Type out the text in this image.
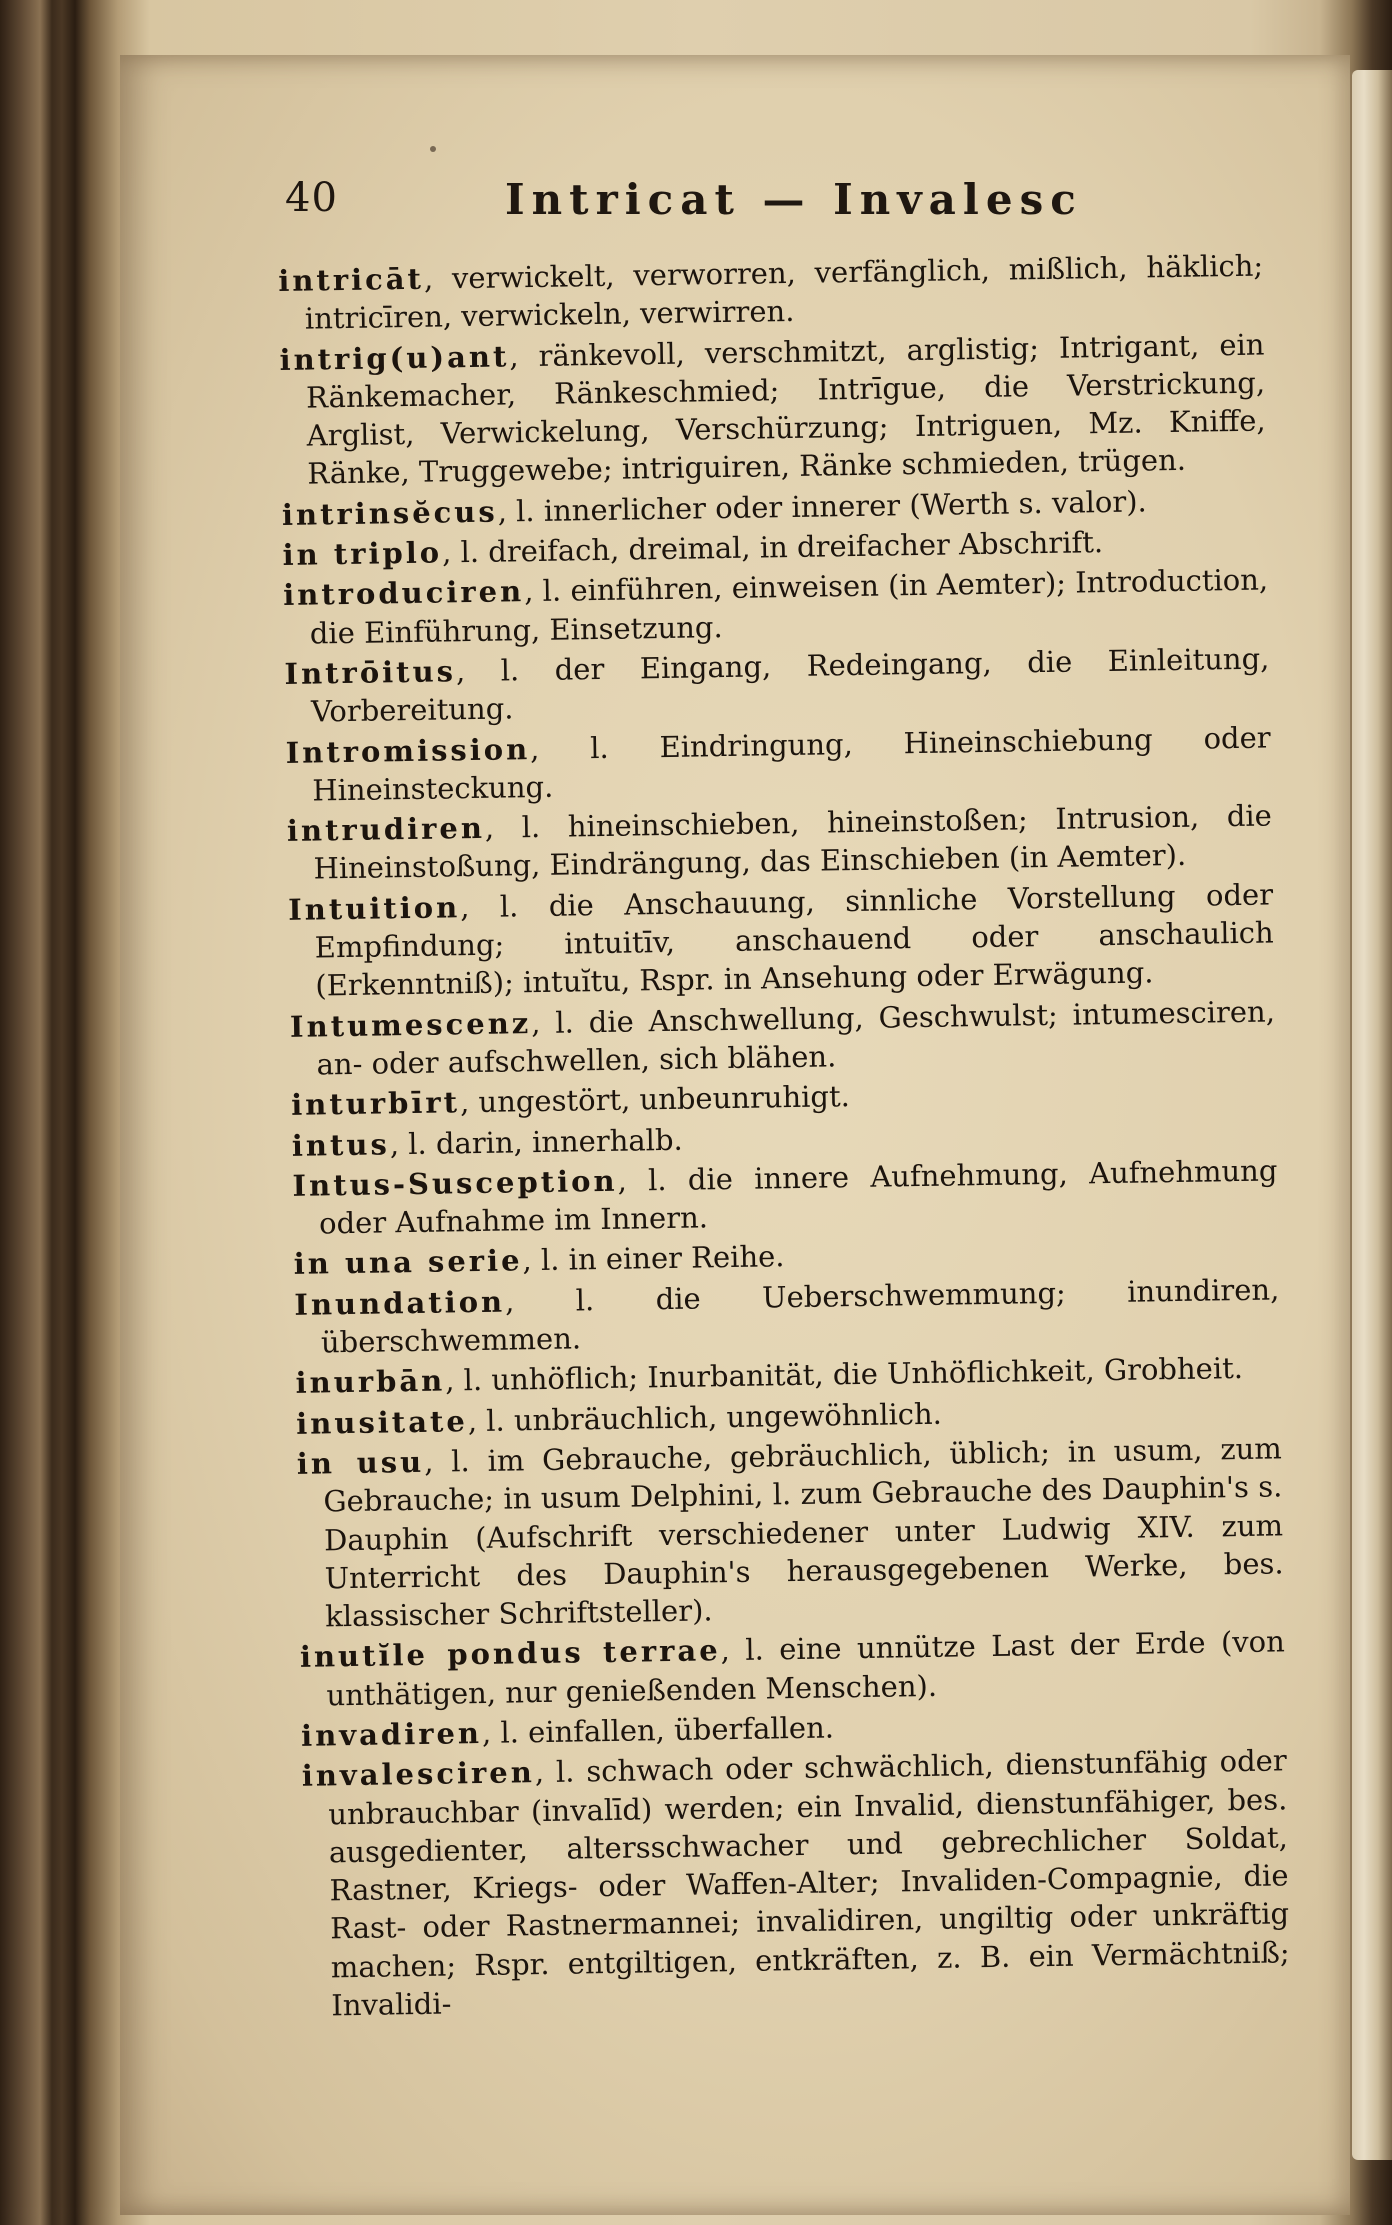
40	Intricat — Invalesc

intricāt, verwickelt, verworren, verfänglich, mißlich, häklich; intricīren, verwickeln, verwirren.

intrig(u)ant, ränkevoll, verschmitzt, arglistig; Intrigant, ein Ränkemacher, Ränkeschmied; Intrīgue, die Verstrickung, Arglist, Verwickelung, Verschürzung; Intriguen, Mz. Kniffe, Ränke, Truggewebe; intriguiren, Ränke schmieden, trügen.

intrinsĕcus, l. innerlicher oder innerer (Werth s. valor).

in triplo, l. dreifach, dreimal, in dreifacher Abschrift.

introduciren, l. einführen, einweisen (in Aemter); Introduction, die Einführung, Einsetzung.

Intrōitus, l. der Eingang, Redeingang, die Einleitung, Vorbereitung.

Intromission, l. Eindringung, Hineinschiebung oder Hineinsteckung.

intrudiren, l. hineinschieben, hineinstoßen; Intrusion, die Hineinstoßung, Eindrängung, das Einschieben (in Aemter).

Intuition, l. die Anschauung, sinnliche Vorstellung oder Empfindung; intuitīv, anschauend oder anschaulich (Erkenntniß); intuĭtu, Rspr. in Ansehung oder Erwägung.

Intumescenz, l. die Anschwellung, Geschwulst; intumesciren, an- oder aufschwellen, sich blähen.

inturbīrt, ungestört, unbeunruhigt.

intus, l. darin, innerhalb.

Intus-Susception, l. die innere Aufnehmung, Aufnehmung oder Aufnahme im Innern.

in una serie, l. in einer Reihe.

Inundation, l. die Ueberschwemmung; inundiren, überschwemmen.

inurbān, l. unhöflich; Inurbanität, die Unhöflichkeit, Grobheit.

inusitate, l. unbräuchlich, ungewöhnlich.

in usu, l. im Gebrauche, gebräuchlich, üblich; in usum, zum Gebrauche; in usum Delphini, l. zum Gebrauche des Dauphin's s. Dauphin (Aufschrift verschiedener unter Ludwig XIV. zum Unterricht des Dauphin's herausgegebenen Werke, bes. klassischer Schriftsteller).

inutĭle pondus terrae, l. eine unnütze Last der Erde (von unthätigen, nur genießenden Menschen).

invadiren, l. einfallen, überfallen.

invalesciren, l. schwach oder schwächlich, dienstunfähig oder unbrauchbar (invalīd) werden; ein Invalid, dienstunfähiger, bes. ausgedienter, altersschwacher und gebrechlicher Soldat, Rastner, Kriegs- oder Waffen-Alter; Invaliden-Compagnie, die Rast- oder Rastnermannei; invalidiren, ungiltig oder unkräftig machen; Rspr. entgiltigen, entkräften, z. B. ein Vermächtniß; Invalidi-
